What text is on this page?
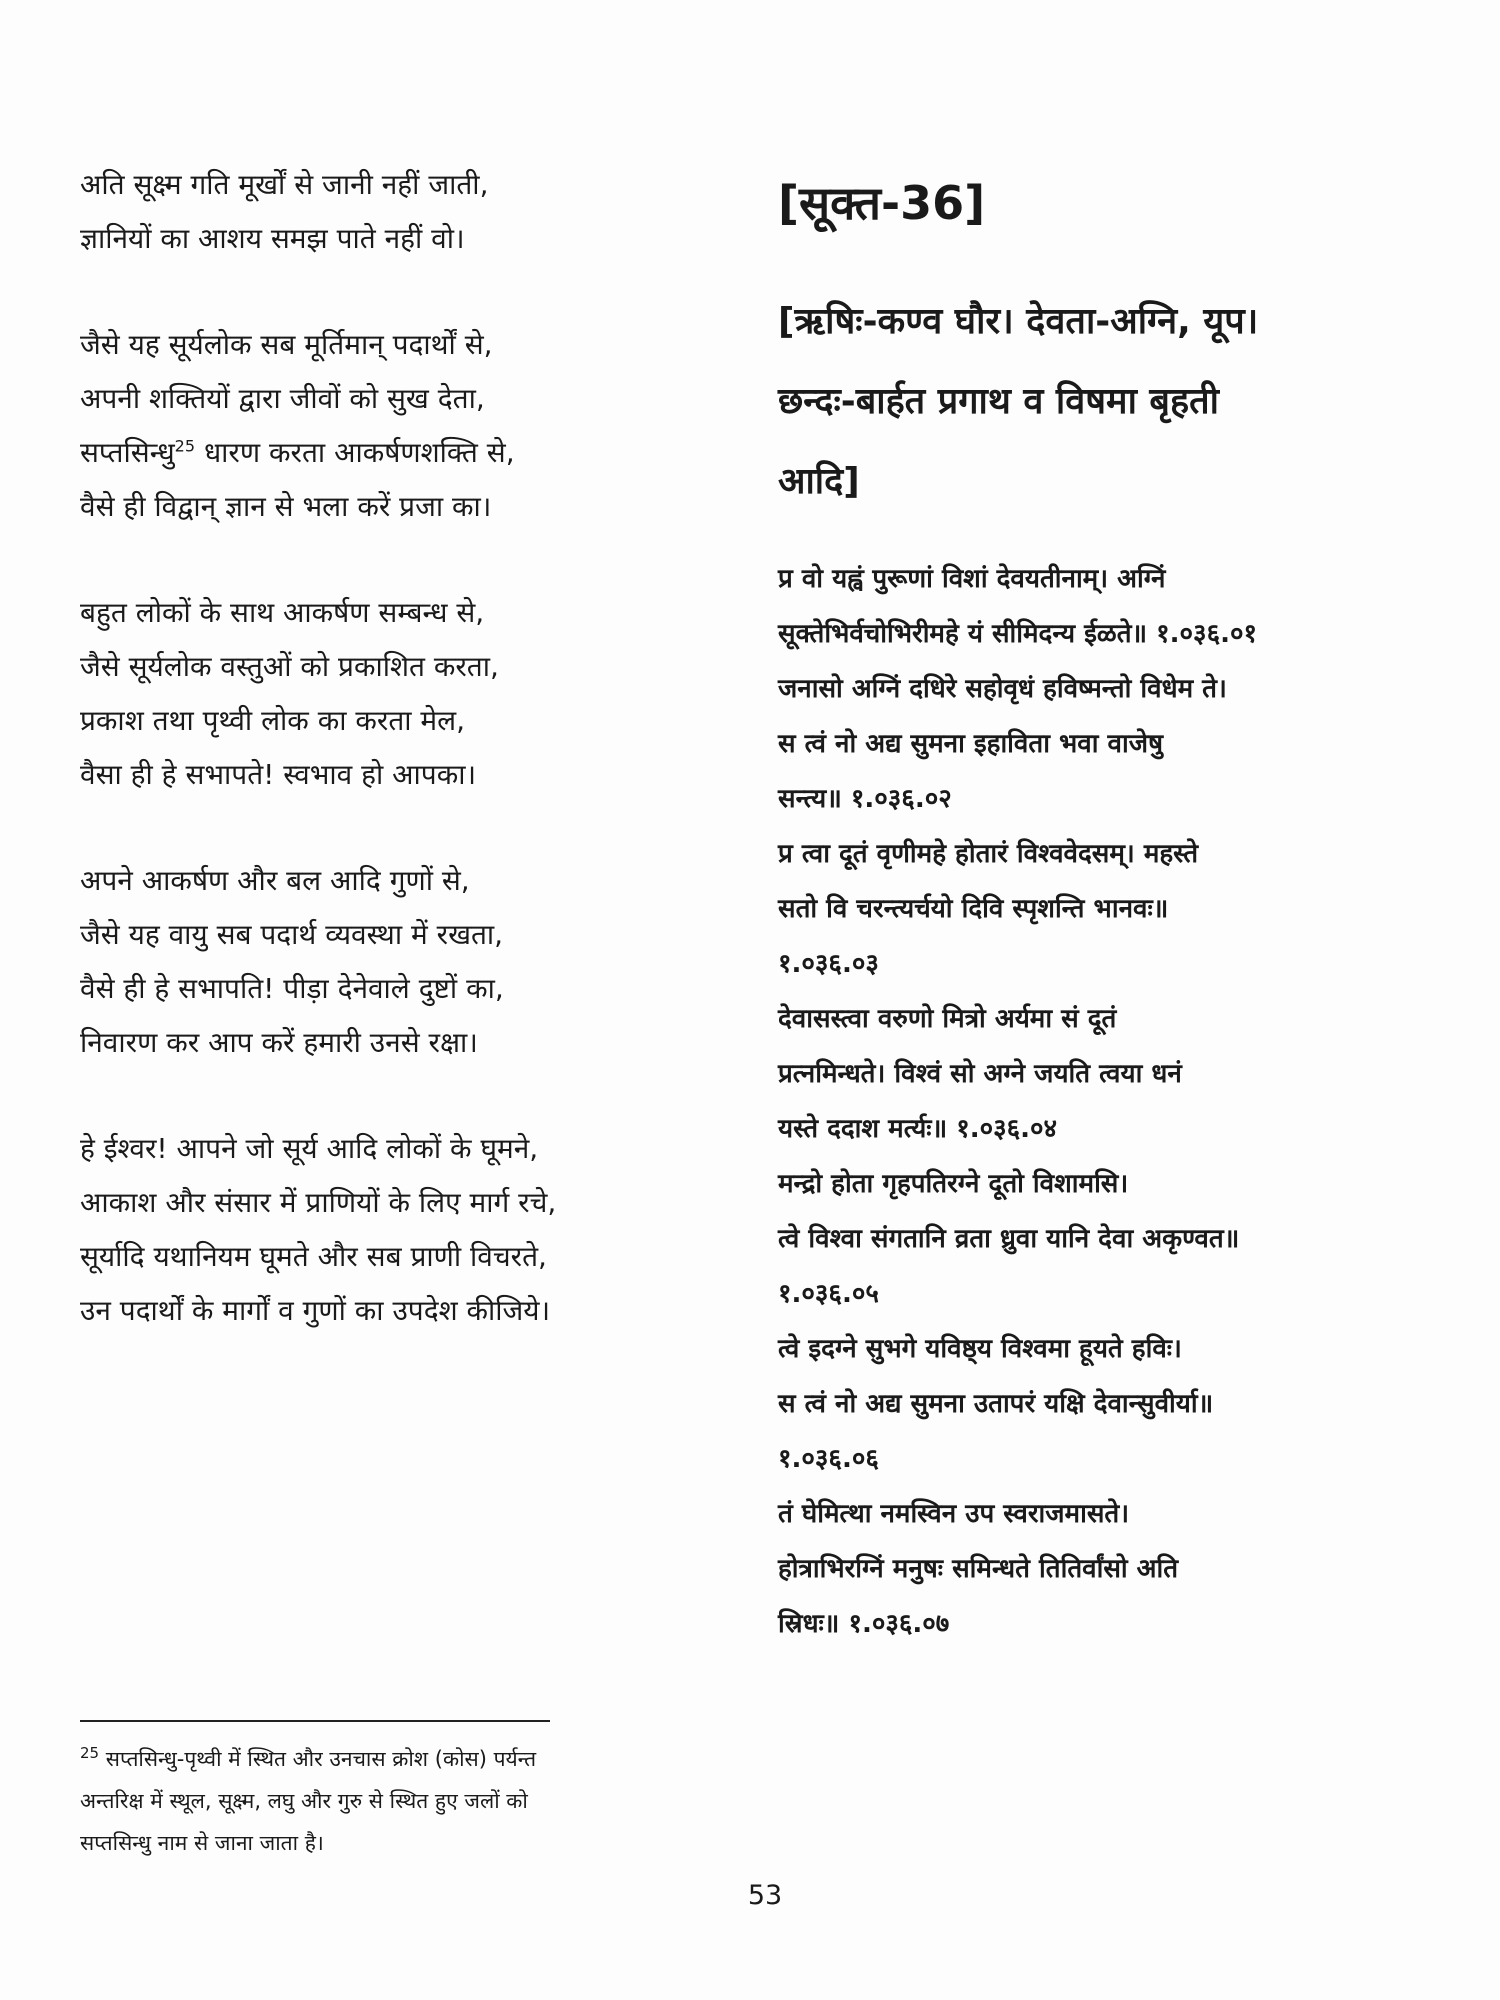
अति सूक्ष्म गति मूर्खों से जानी नहीं जाती,
ज्ञानियों का आशय समझ पाते नहीं वो।
जैसे यह सूर्यलोक सब मूर्तिमान् पदार्थों से,
अपनी शक्तियों द्वारा जीवों को सुख देता,
सप्तसिन्धु$^{25}$ धारण करता आकर्षणशक्ति से,
वैसे ही विद्वान् ज्ञान से भला करें प्रजा का।
बहुत लोकों के साथ आकर्षण सम्बन्ध से,
जैसे सूर्यलोक वस्तुओं को प्रकाशित करता,
प्रकाश तथा पृथ्वी लोक का करता मेल,
वैसा ही हे सभापते! स्वभाव हो आपका।
अपने आकर्षण और बल आदि गुणों से,
जैसे यह वायु सब पदार्थ व्यवस्था में रखता,
वैसे ही हे सभापति! पीड़ा देनेवाले दुष्टों का,
निवारण कर आप करें हमारी उनसे रक्षा।
हे ईश्वर! आपने जो सूर्य आदि लोकों के घूमने,
आकाश और संसार में प्राणियों के लिए मार्ग रचे,
सूर्यादि यथानियम घूमते और सब प्राणी विचरते,
उन पदार्थों के मार्गों व गुणों का उपदेश कीजिये।
[सूक्त-36]
[ऋषिः-कण्व घौर। देवता-अग्नि, यूप।
छन्दः-बार्हत प्रगाथ व विषमा बृहती
आदि]
प्र वो यह्वं पुरूणां विशां देवयतीनाम्। अग्निं
सूक्तेभिर्वचोभिरीमहे यं सीमिदन्य ईळते॥ १.०३६.०१
जनासो अग्निं दधिरे सहोवृधं हविष्मन्तो विधेम ते।
स त्वं नो अद्य सुमना इहाविता भवा वाजेषु
सन्त्य॥ १.०३६.०२
प्र त्वा दूतं वृणीमहे होतारं विश्ववेदसम्। महस्ते
सतो वि चरन्त्यर्चयो दिवि स्पृशन्ति भानवः॥
१.०३६.०३
देवासस्त्वा वरुणो मित्रो अर्यमा सं दूतं
प्रत्नमिन्धते। विश्वं सो अग्ने जयति त्वया धनं
यस्ते ददाश मर्त्यः॥ १.०३६.०४
मन्द्रो होता गृहपतिरग्ने दूतो विशामसि।
त्वे विश्वा संगतानि व्रता ध्रुवा यानि देवा अकृण्वत॥
१.०३६.०५
त्वे इदग्ने सुभगे यविष्ठ्य विश्वमा हूयते हविः।
स त्वं नो अद्य सुमना उतापरं यक्षि देवान्सुवीर्या॥
१.०३६.०६
तं घेमित्था नमस्विन उप स्वराजमासते।
होत्राभिरग्निं मनुषः समिन्धते तितिर्वांसो अति
स्रिधः॥ १.०३६.०७
$^{25}$ सप्तसिन्धु-पृथ्वी में स्थित और उनचास क्रोश (कोस) पर्यन्त
अन्तरिक्ष में स्थूल, सूक्ष्म, लघु और गुरु से स्थित हुए जलों को
सप्तसिन्धु नाम से जाना जाता है।
53
